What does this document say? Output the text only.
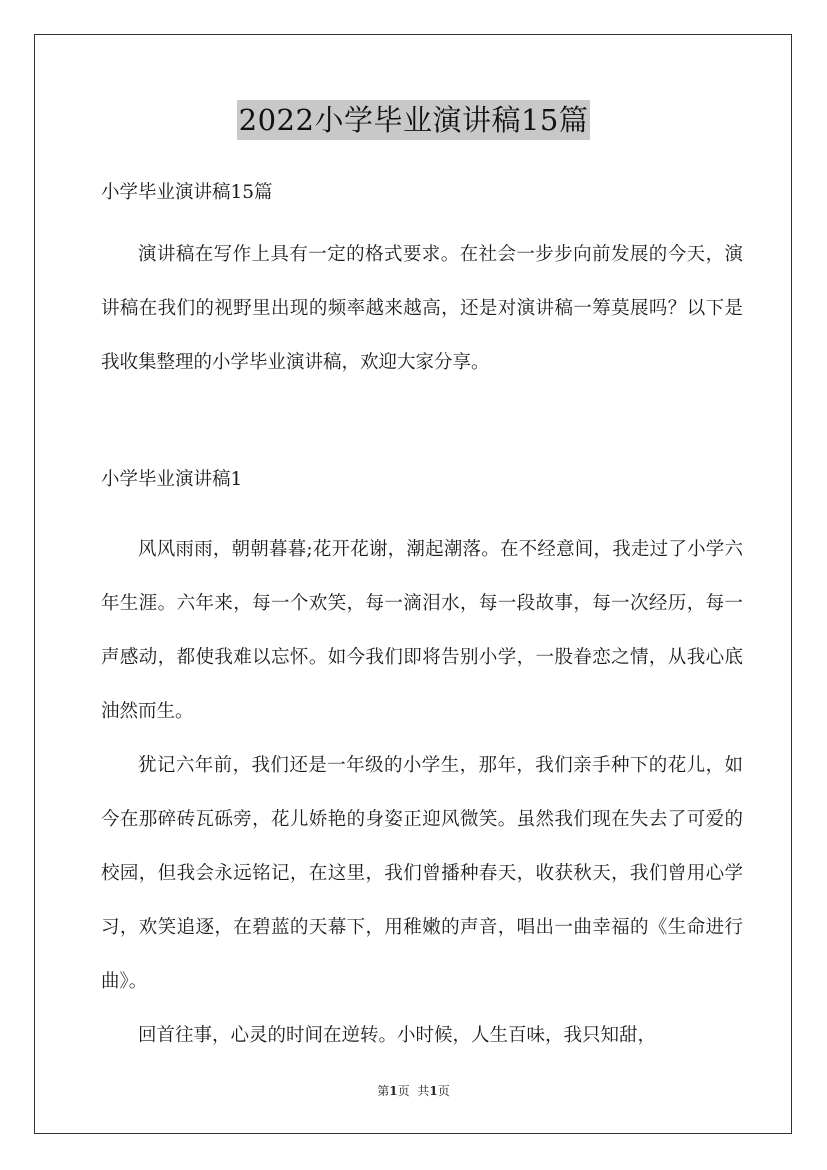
2022小学毕业演讲稿15篇

小学毕业演讲稿15篇

演讲稿在写作上具有一定的格式要求。在社会一步步向前发展的今天，演讲稿在我们的视野里出现的频率越来越高，还是对演讲稿一筹莫展吗？以下是我收集整理的小学毕业演讲稿，欢迎大家分享。

小学毕业演讲稿1

风风雨雨，朝朝暮暮;花开花谢，潮起潮落。在不经意间，我走过了小学六年生涯。六年来，每一个欢笑，每一滴泪水，每一段故事，每一次经历，每一声感动，都使我难以忘怀。如今我们即将告别小学，一股眷恋之情，从我心底油然而生。

犹记六年前，我们还是一年级的小学生，那年，我们亲手种下的花儿，如今在那碎砖瓦砾旁，花儿娇艳的身姿正迎风微笑。虽然我们现在失去了可爱的校园，但我会永远铭记，在这里，我们曾播种春天，收获秋天，我们曾用心学习，欢笑追逐，在碧蓝的天幕下，用稚嫩的声音，唱出一曲幸福的《生命进行曲》。

回首往事，心灵的时间在逆转。小时候，人生百味，我只知甜，

第1页 共1页
